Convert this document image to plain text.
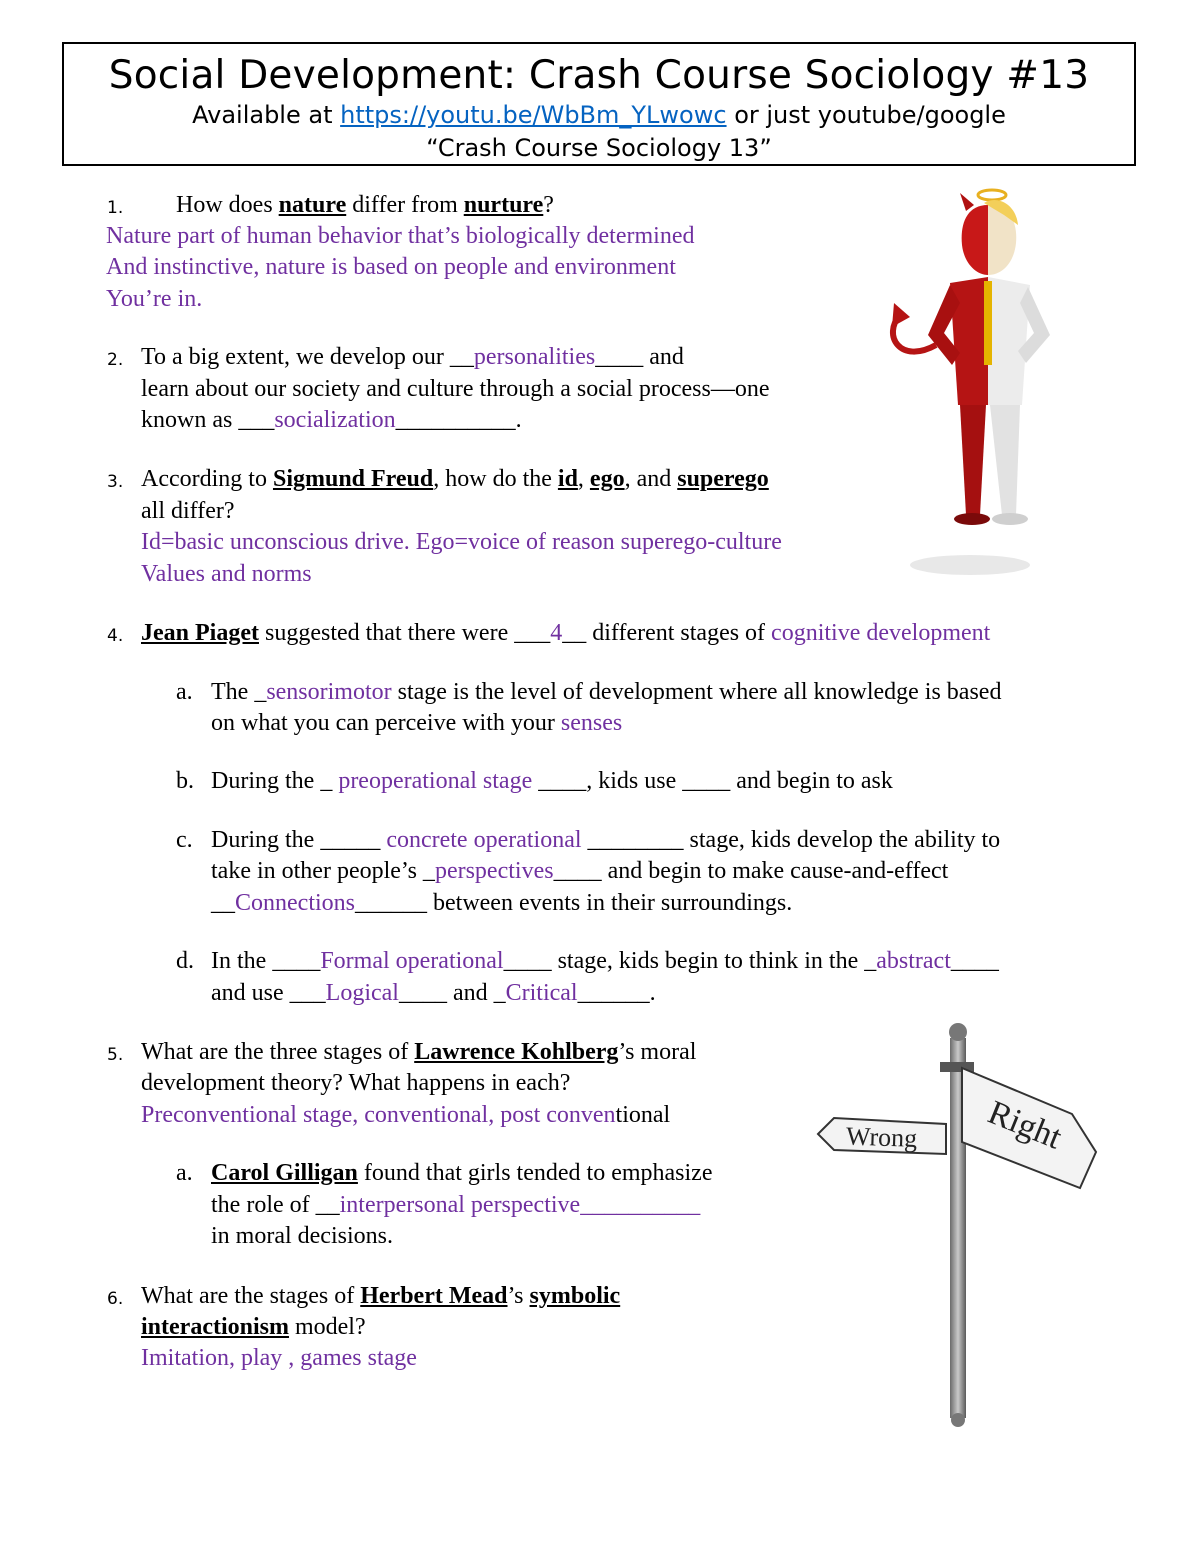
Social Development: Crash Course Sociology #13
Available at https://youtu.be/WbBm_YLwowc or just youtube/google
“Crash Course Sociology 13”
1. How does nature differ from nurture?
Nature part of human behavior that’s biologically determined
And instinctive, nature is based on people and environment
You’re in.
2. To a big extent, we develop our __personalities____ and
learn about our society and culture through a social process—one
known as ___socialization__________.
3. According to Sigmund Freud, how do the id, ego, and superego
all differ?
Id=basic unconscious drive. Ego=voice of reason superego-culture
Values and norms
4. Jean Piaget suggested that there were ___4__ different stages of cognitive development
a. The _sensorimotor stage is the level of development where all knowledge is based
on what you can perceive with your senses
b. During the _ preoperational stage ____, kids use ____ and begin to ask
c. During the _____ concrete operational ________ stage, kids develop the ability to
take in other people’s _perspectives____ and begin to make cause-and-effect
__Connections______ between events in their surroundings.
d. In the ____Formal operational____ stage, kids begin to think in the _abstract____
and use ___Logical____ and _Critical______.
5. What are the three stages of Lawrence Kohlberg’s moral
development theory? What happens in each?
Preconventional stage, conventional, post conventional
a. Carol Gilligan found that girls tended to emphasize
the role of __interpersonal perspective__________
in moral decisions.
6. What are the stages of Herbert Mead’s symbolic
interactionism model?
Imitation, play , games stage
Wrong Right
